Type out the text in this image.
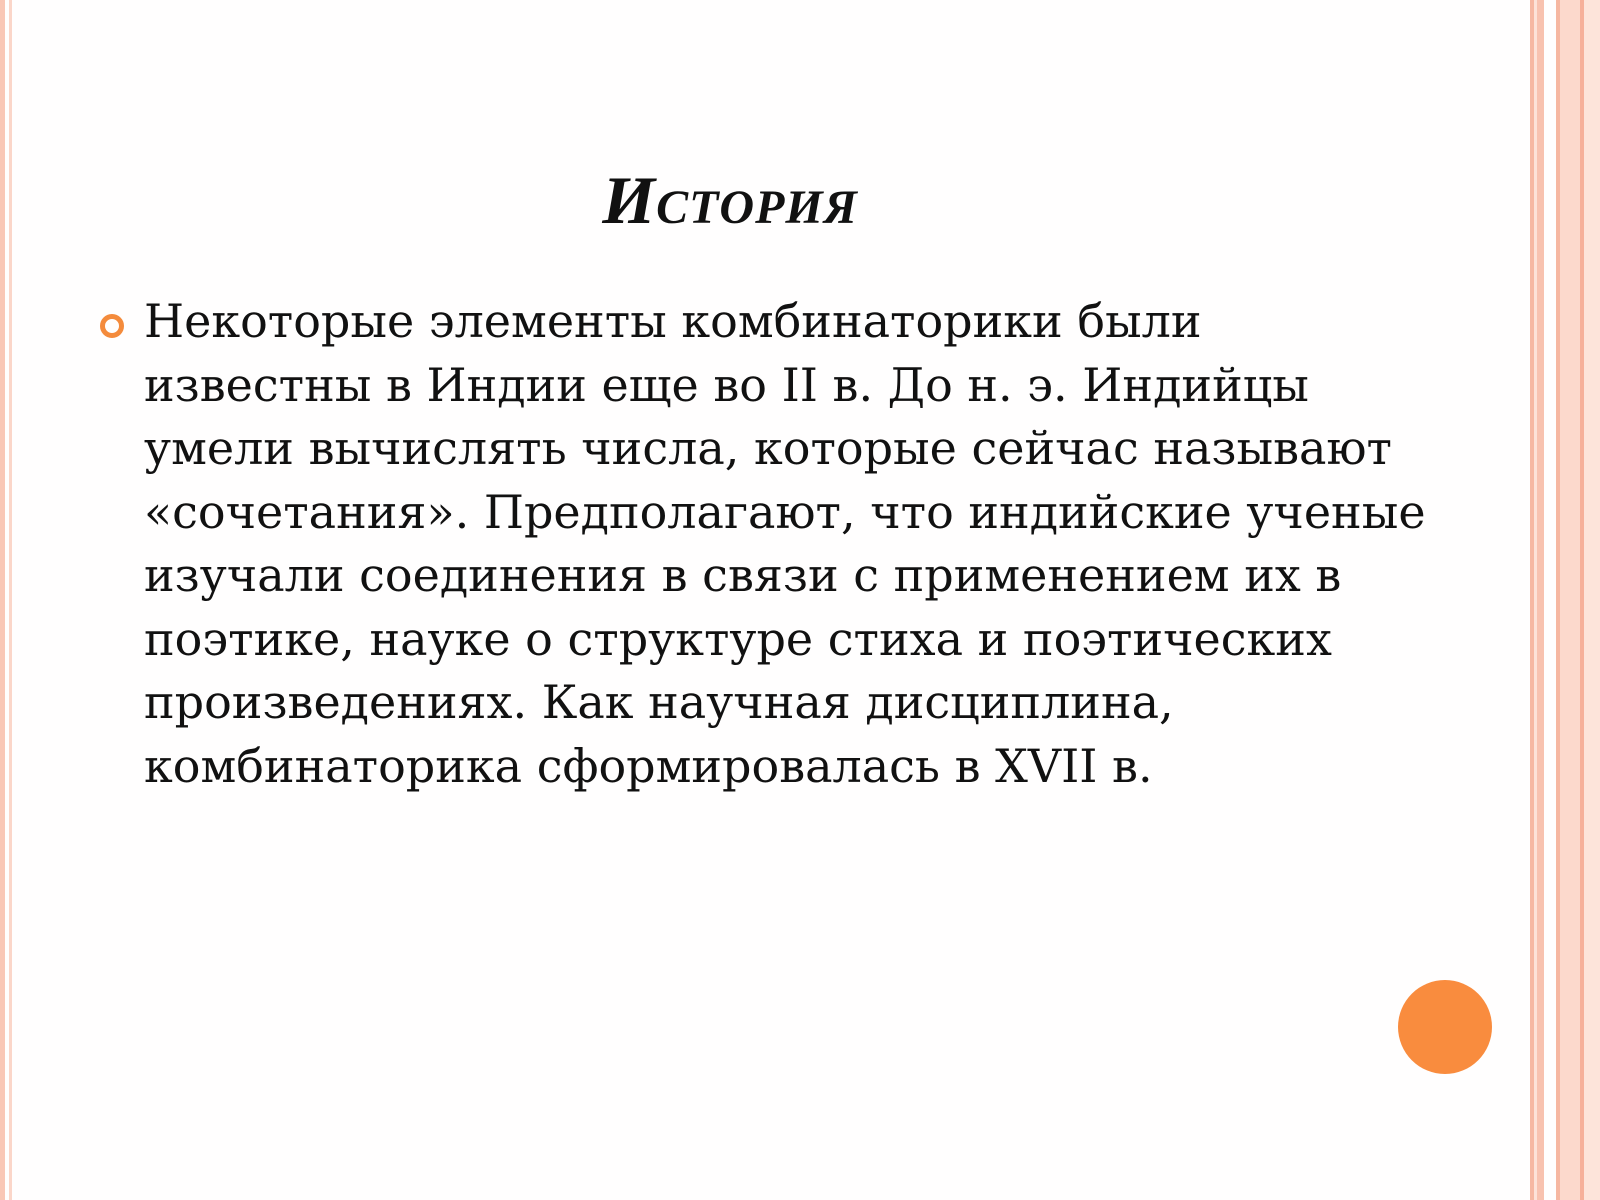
История

Некоторые элементы комбинаторики были известны в Индии еще во II в. До н. э. Индийцы умели вычислять числа, которые сейчас называют «сочетания». Предполагают, что индийские ученые изучали соединения в связи с применением их в поэтике, науке о структуре стиха и поэтических произведениях. Как научная дисциплина, комбинаторика сформировалась в XVII в.
